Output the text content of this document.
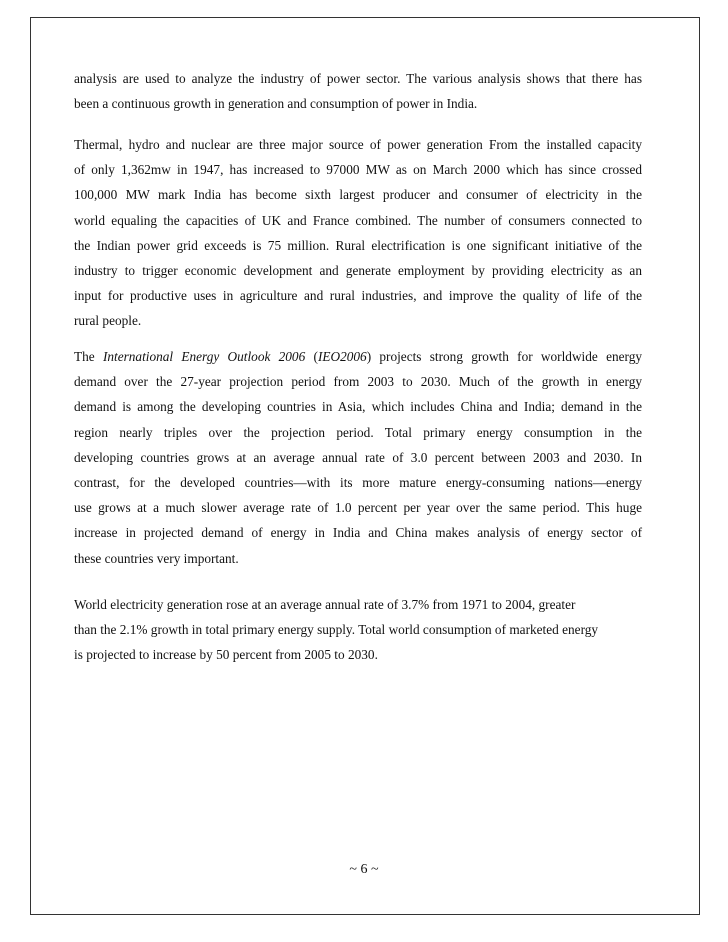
analysis are used to analyze the industry of power sector. The various analysis shows that there has
been a continuous growth in generation and consumption of power in India.
Thermal, hydro and nuclear are three major source of power generation From the installed capacity
of only 1,362mw in 1947, has increased to 97000 MW as on March 2000 which has since crossed
100,000 MW mark India has become sixth largest producer and consumer of electricity in the
world equaling the capacities of UK and France combined. The number of consumers connected to
the Indian power grid exceeds is 75 million. Rural electrification is one significant initiative of the
industry to trigger economic development and generate employment by providing electricity as an
input for productive uses in agriculture and rural industries, and improve the quality of life of the
rural people.
The International Energy Outlook 2006 (IEO2006) projects strong growth for worldwide energy
demand over the 27-year projection period from 2003 to 2030. Much of the growth in energy
demand is among the developing countries in Asia, which includes China and India; demand in the
region nearly triples over the projection period. Total primary energy consumption in the
developing countries grows at an average annual rate of 3.0 percent between 2003 and 2030. In
contrast, for the developed countries—with its more mature energy-consuming nations—energy
use grows at a much slower average rate of 1.0 percent per year over the same period. This huge
increase in projected demand of energy in India and China makes analysis of energy sector of
these countries very important.
World electricity generation rose at an average annual rate of 3.7% from 1971 to 2004, greater
than the 2.1% growth in total primary energy supply. Total world consumption of marketed energy
is projected to increase by 50 percent from 2005 to 2030.
~ 6 ~
